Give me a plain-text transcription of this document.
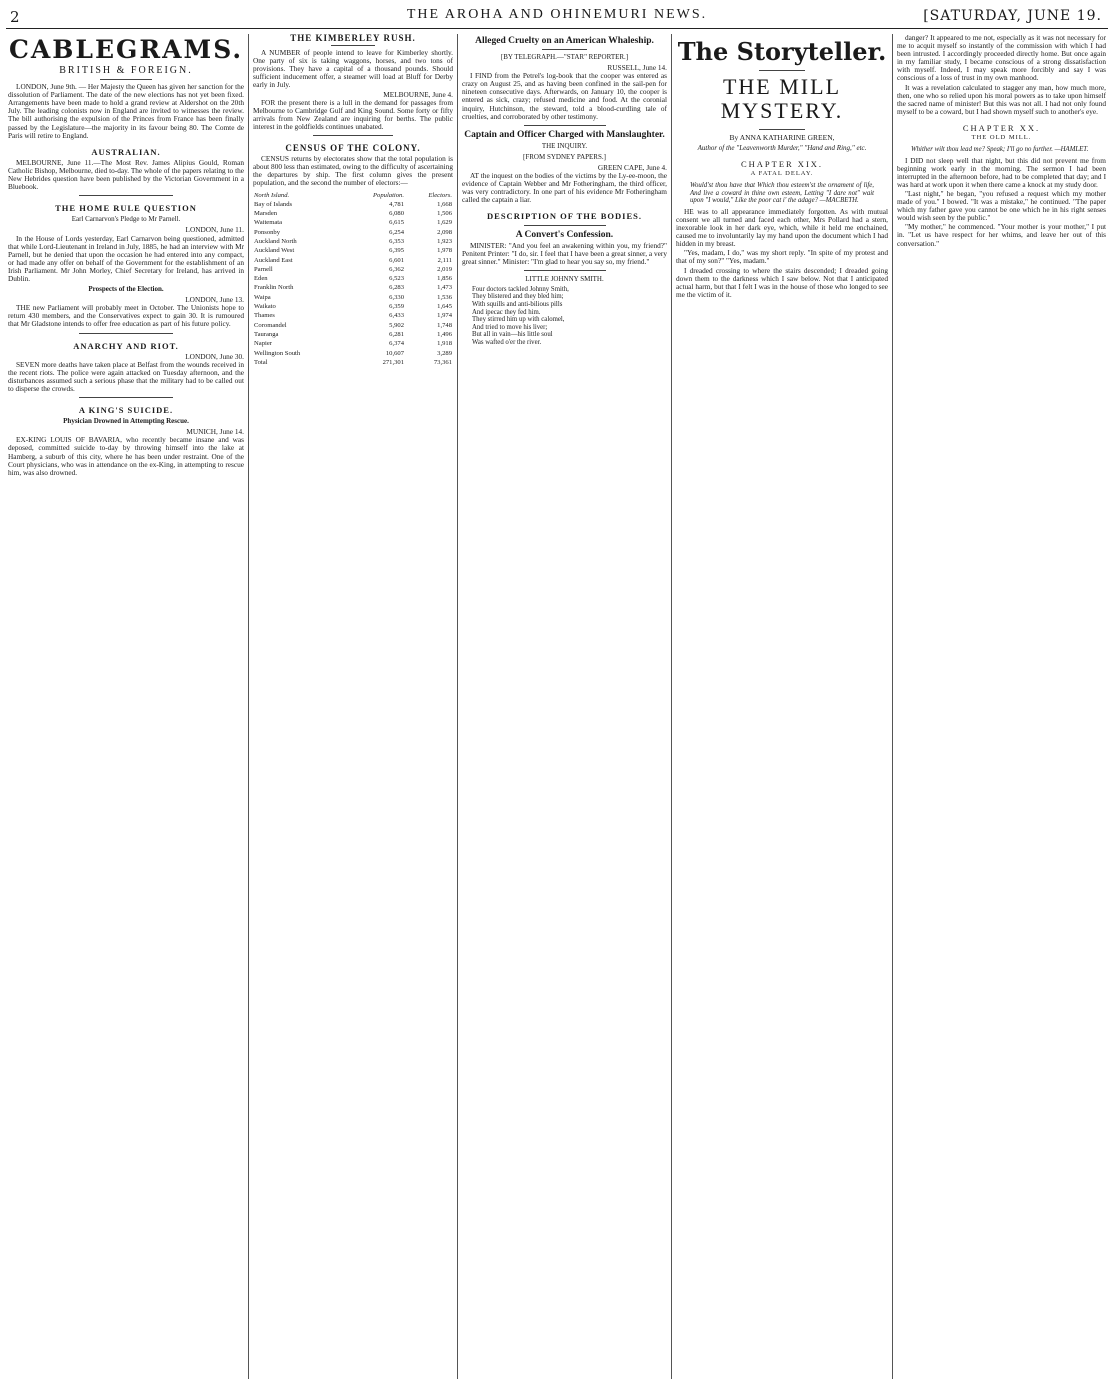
2	THE AROHA AND OHINEMURI NEWS.	[SATURDAY, JUNE 19.
CABLEGRAMS.
BRITISH & FOREIGN.

LONDON, June 9th. — Her Majesty the Queen has given her sanction for the dissolution of Parliament. The date of the new elections has not yet been fixed. Arrangements have been made to hold a grand review at Aldershot on the 20th July. The leading colonists now in England are invited to witnesses the review. The bill authorising the expulsion of the Princes from France has been finally passed by the Legislature—the majority in its favour being 80. The Comte de Paris will retire to England.

AUSTRALIAN.

MELBOURNE, June 11.—The Most Rev. James Alipius Gould, Roman Catholic Bishop, Melbourne, died to-day. The whole of the papers relating to the New Hebrides question have been published by the Victorian Government in a Bluebook.

THE HOME RULE QUESTION
Earl Carnarvon's Pledge to Mr Parnell.
LONDON, June 11.

In the House of Lords yesterday, Earl Carnarvon being questioned, admitted that while Lord-Lieutenant in Ireland in July, 1885, he had an interview with Mr Parnell, but he denied that upon the occasion he had entered into any compact, or had made any offer on behalf of the Government for the establishment of an Irish Parliament. Mr John Morley, Chief Secretary for Ireland, has arrived in Dublin.

Prospects of the Election.
LONDON, June 13.

THE new Parliament will probably meet in October. The Unionists hope to return 430 members, and the Conservatives expect to gain 30. It is rumoured that Mr Gladstone intends to offer free education as part of his future policy.

ANARCHY AND RIOT.
LONDON, June 30.

SEVEN more deaths have taken place at Belfast from the wounds received in the recent riots. The police were again attacked on Tuesday afternoon, and the disturbances assumed such a serious phase that the military had to be called out to disperse the crowds.

A KING'S SUICIDE.
Physician Drowned in Attempting Rescue.
MUNICH, June 14.

EX-KING LOUIS OF BAVARIA, who recently became insane and was deposed, committed suicide to-day by throwing himself into the lake at Hamberg, a suburb of this city, where he has been under restraint. One of the Court physicians, who was in attendance on the ex-King, in attempting to rescue him, was also drowned.

THE KIMBERLEY RUSH.

A NUMBER of people intend to leave for Kimberley shortly. One party of six is taking waggons, horses, and two tons of provisions. They have a capital of a thousand pounds. Should sufficient inducement offer, a steamer will load at Bluff for Derby early in July.

MELBOURNE, June 4.

FOR the present there is a lull in the demand for passages from Melbourne to Cambridge Gulf and King Sound. Some forty or fifty arrivals from New Zealand are inquiring for berths. The public interest in the goldfields continues unabated.

CENSUS OF THE COLONY.

CENSUS returns by electorates show that the total population is about 800 less than estimated, owing to the difficulty of ascertaining the departures by ship. The first column gives the present population, and the second the number of electors:—

North Island.	Population.	Electors.
Bay of Islands	4,781	1,668
Marsden	6,080	1,506
Waitemata	6,615	1,629
Ponsonby	6,254	2,098
Auckland North	6,353	1,923
Auckland West	6,395	1,978
Auckland East	6,601	2,111
Parnell	6,362	2,019
Eden	6,523	1,856
Franklin North	6,283	1,473
Waipa	6,330	1,536
Waikato	6,359	1,645
Thames	6,433	1,974
Coromandel	5,902	1,748
Tauranga	6,281	1,496
Napier	6,374	1,918
Wellington South	10,607	3,289
Total	271,301	73,361
Alleged Cruelty on an American Whaleship.
[BY TELEGRAPH.—"STAR" REPORTER.]
RUSSELL, June 14.

I FIND from the Petrel's log-book that the cooper was entered as crazy on August 25, and as having been confined in the sail-pen for nineteen consecutive days. Afterwards, on January 10, the cooper is entered as sick, crazy; refused medicine and food. At the coronial inquiry, Hutchinson, the steward, told a blood-curdling tale of cruelties, and corroborated by other testimony.

Captain and Officer Charged with Manslaughter.
THE INQUIRY.
[FROM SYDNEY PAPERS.]
GREEN CAPE, June 4.

AT the inquest on the bodies of the victims by the Ly-ee-moon, the evidence of Captain Webber and Mr Fotheringham, the third officer, was very contradictory. In one part of his evidence Mr Fotheringham called the captain a liar.

DESCRIPTION OF THE BODIES.
A Convert's Confession.

MINISTER: "And you feel an awakening within you, my friend?" Penitent Printer: "I do, sir. I feel that I have been a great sinner, a very great sinner." Minister: "I'm glad to hear you say so, my friend."

LITTLE JOHNNY SMITH.
Four doctors tackled Johnny Smith,
They blistered and they bled him;
With squills and anti-bilious pills
And ipecac they fed him.
They stirred him up with calomel,
And tried to move his liver;
But all in vain—his little soul
Was wafted o'er the river.
The Storyteller.
THE MILL MYSTERY.
By ANNA KATHARINE GREEN,
Author of the "Leavenworth Murder," "Hand and Ring," etc.
CHAPTER XIX.
A FATAL DELAY.

Would'st thou have that Which thou esteem'st the ornament of life, And live a coward in thine own esteem, Letting "I dare not" wait upon "I would," Like the poor cat i' the adage? —MACBETH.

HE was to all appearance immediately forgotten. As with mutual consent we all turned and faced each other, Mrs Pollard had a stern, inexorable look in her dark eye, which, while it held me enchained, caused me to involuntarily lay my hand upon the document which I had hidden in my breast.

"Yes, madam, I do," was my short reply. "In spite of my protest and that of my son?" "Yes, madam."

I dreaded crossing to where the stairs descended; I dreaded going down them to the darkness which I saw below. Not that I anticipated actual harm, but that I felt I was in the house of those who longed to see me the victim of it.

danger? It appeared to me not, especially as it was not necessary for me to acquit myself so instantly of the commission with which I had been intrusted. I accordingly proceeded directly home. But once again in my familiar study, I became conscious of a strong dissatisfaction with myself. Indeed, I may speak more forcibly and say I was conscious of a loss of trust in my own manhood.

It was a revelation calculated to stagger any man, how much more, then, one who so relied upon his moral powers as to take upon himself the sacred name of minister! But this was not all. I had not only found myself to be a coward, but I had shown myself such to another's eye.

CHAPTER XX.
THE OLD MILL.

Whither wilt thou lead me? Speak; I'll go no further. —HAMLET.

I DID not sleep well that night, but this did not prevent me from beginning work early in the morning. The sermon I had been interrupted in the afternoon before, had to be completed that day; and I was hard at work upon it when there came a knock at my study door.

"Last night," he began, "you refused a request which my mother made of you." I bowed. "It was a mistake," he continued. "The paper which my father gave you cannot be one which he in his right senses would wish seen by the public."

"My mother," he commenced. "Your mother is your mother," I put in. "Let us have respect for her whims, and leave her out of this conversation."
